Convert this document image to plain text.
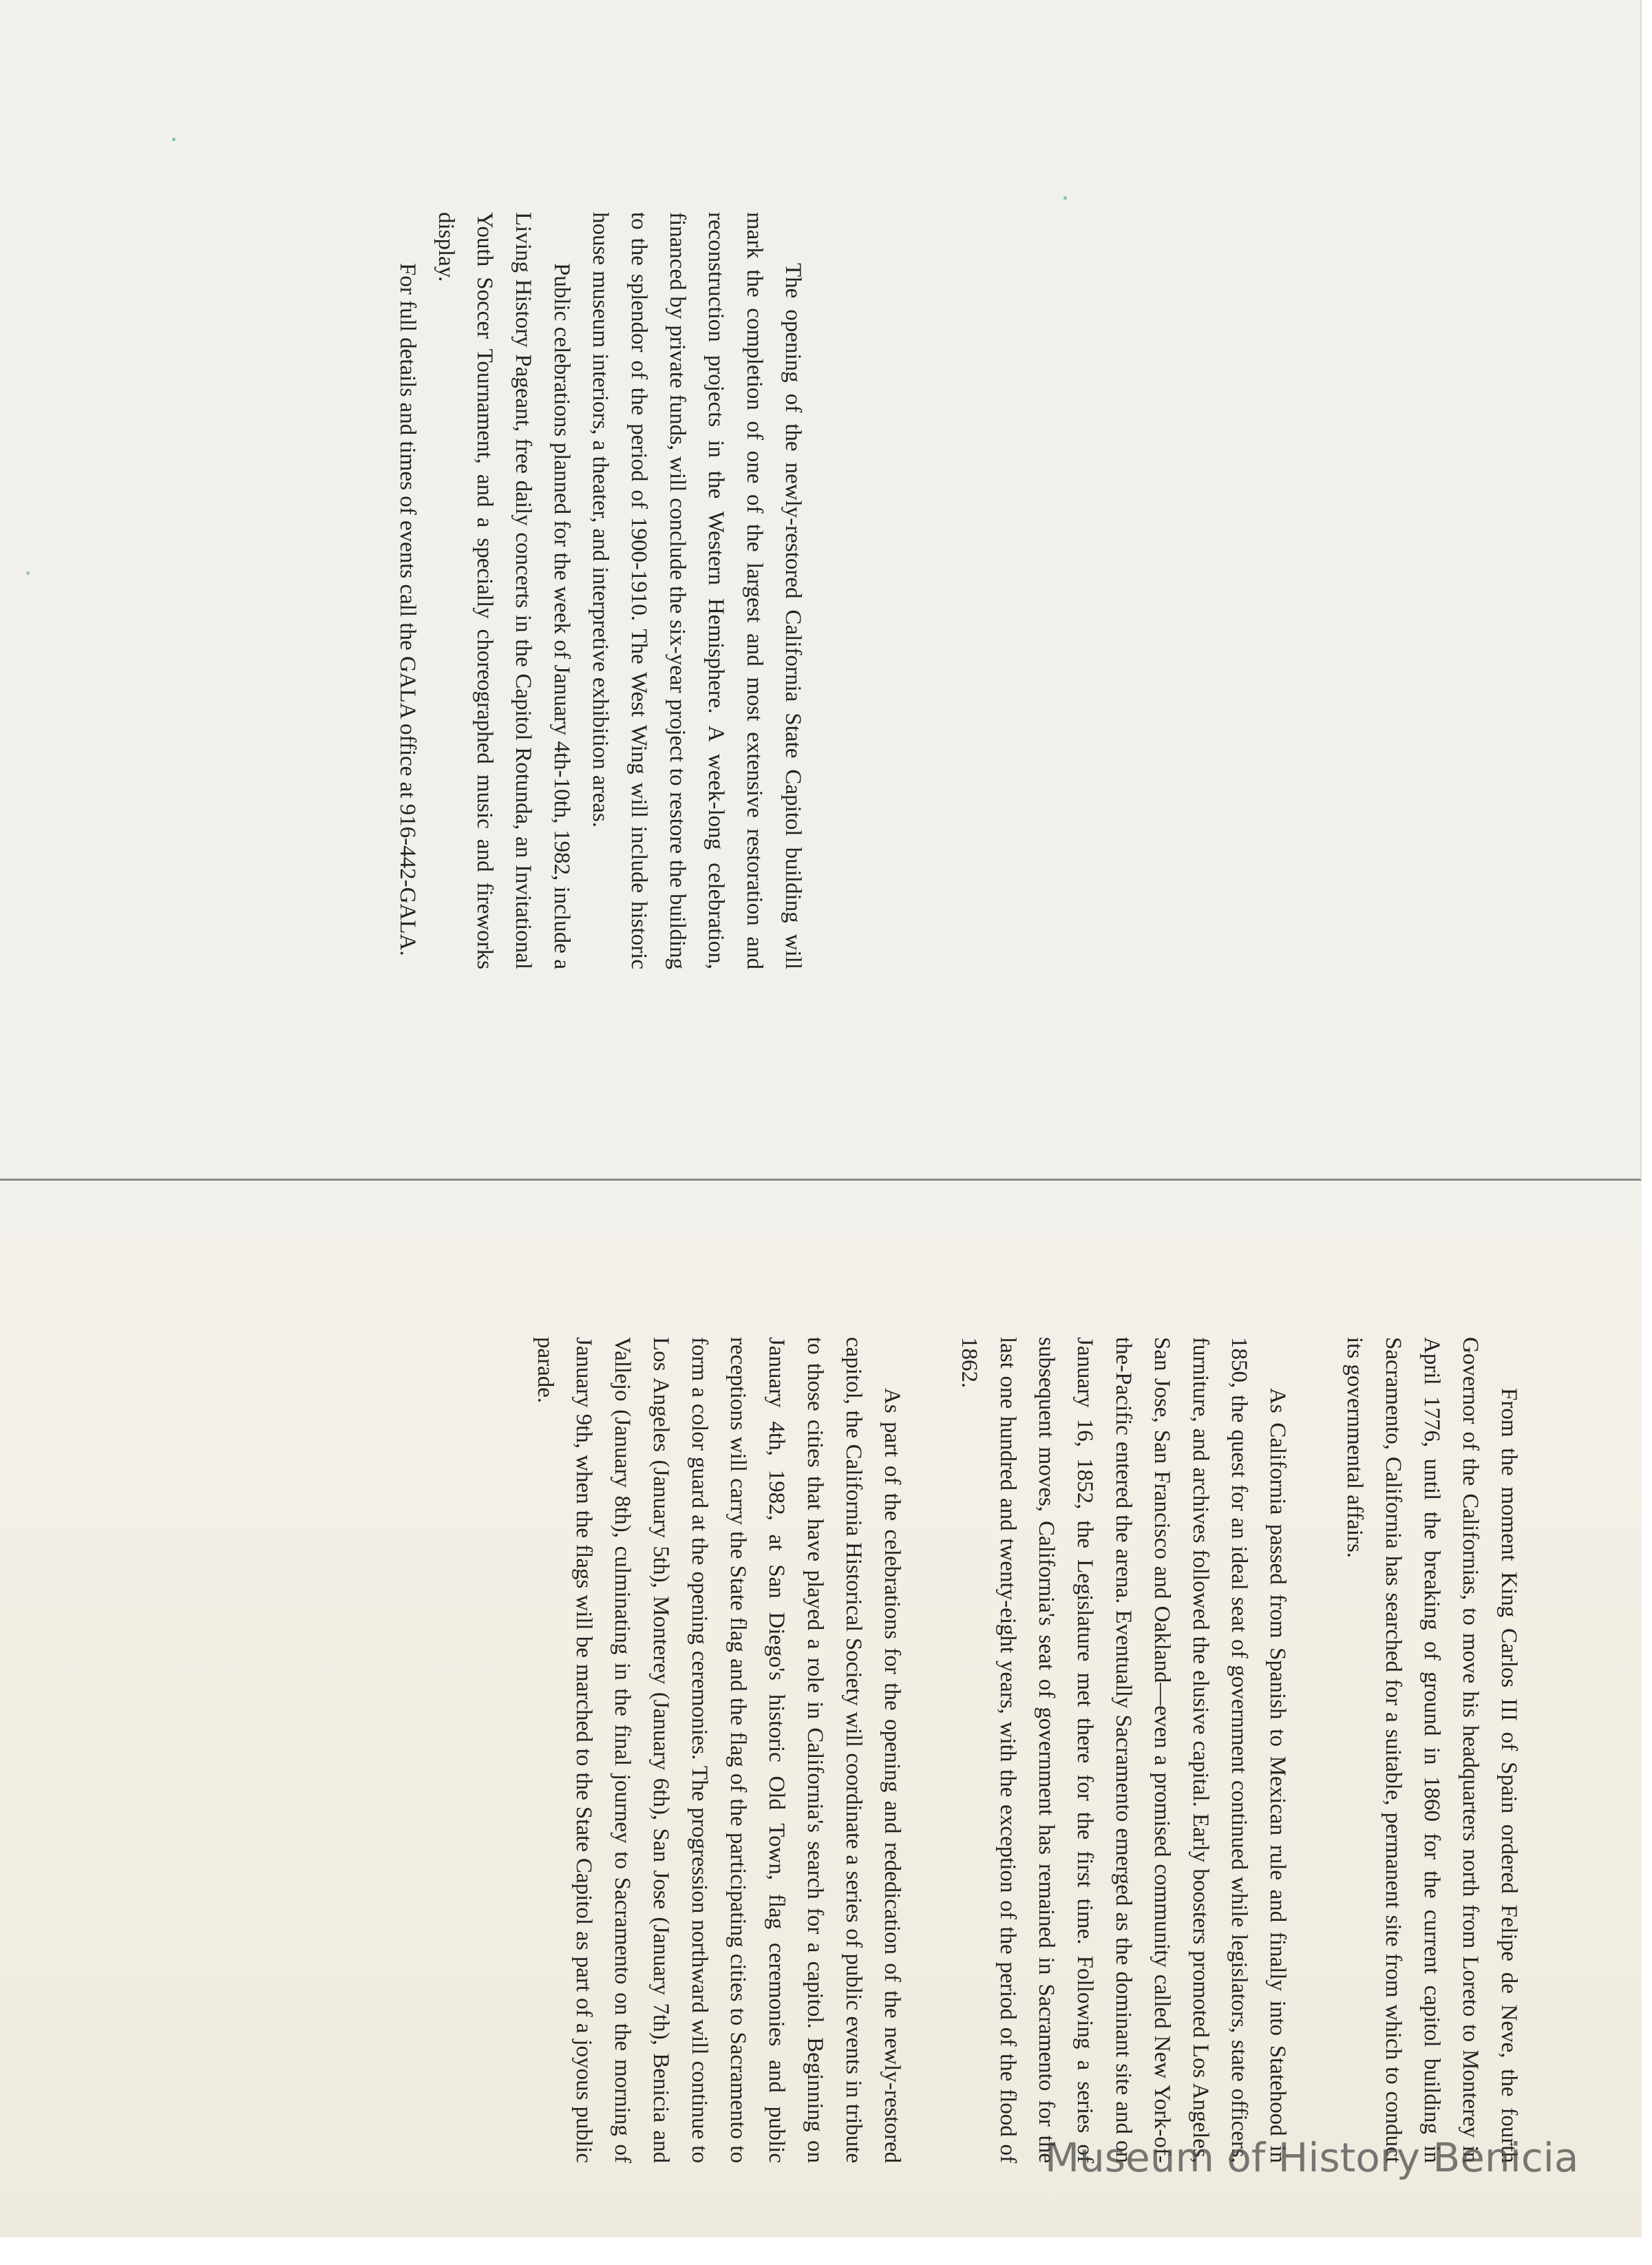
The opening of the newly-restored California State Capitol building will mark the completion of one of the largest and most extensive restoration and reconstruction projects in the Western Hemisphere. A week-long celebration, financed by private funds, will conclude the six-year project to restore the building to the splendor of the period of 1900-1910. The West Wing will include historic house museum interiors, a theater, and interpretive exhibition areas.

Public celebrations planned for the week of January 4th-10th, 1982, include a Living History Pageant, free daily concerts in the Capitol Rotunda, an Invitational Youth Soccer Tournament, and a specially choreographed music and fireworks display.

For full details and times of events call the GALA office at 916-442-GALA.

From the moment King Carlos III of Spain ordered Felipe de Neve, the fourth Governor of the Californias, to move his headquarters north from Loreto to Monterey in April 1776, until the breaking of ground in 1860 for the current capitol building in Sacramento, California has searched for a suitable, permanent site from which to conduct its governmental affairs.

As California passed from Spanish to Mexican rule and finally into Statehood in 1850, the quest for an ideal seat of government continued while legislators, state officers, furniture, and archives followed the elusive capital. Early boosters promoted Los Angeles, San Jose, San Francisco and Oakland—even a promised community called New York-of-the-Pacific entered the arena. Eventually Sacramento emerged as the dominant site and on January 16, 1852, the Legislature met there for the first time. Following a series of subsequent moves, California's seat of government has remained in Sacramento for the last one hundred and twenty-eight years, with the exception of the period of the flood of 1862.

As part of the celebrations for the opening and rededication of the newly-restored capitol, the California Historical Society will coordinate a series of public events in tribute to those cities that have played a role in California's search for a capitol. Beginning on January 4th, 1982, at San Diego's historic Old Town, flag ceremonies and public receptions will carry the State flag and the flag of the participating cities to Sacramento to form a color guard at the opening ceremonies. The progression northward will continue to Los Angeles (January 5th), Monterey (January 6th), San Jose (January 7th), Benicia and Vallejo (January 8th), culminating in the final journey to Sacramento on the morning of January 9th, when the flags will be marched to the State Capitol as part of a joyous public parade.

Museum of History Benicia
